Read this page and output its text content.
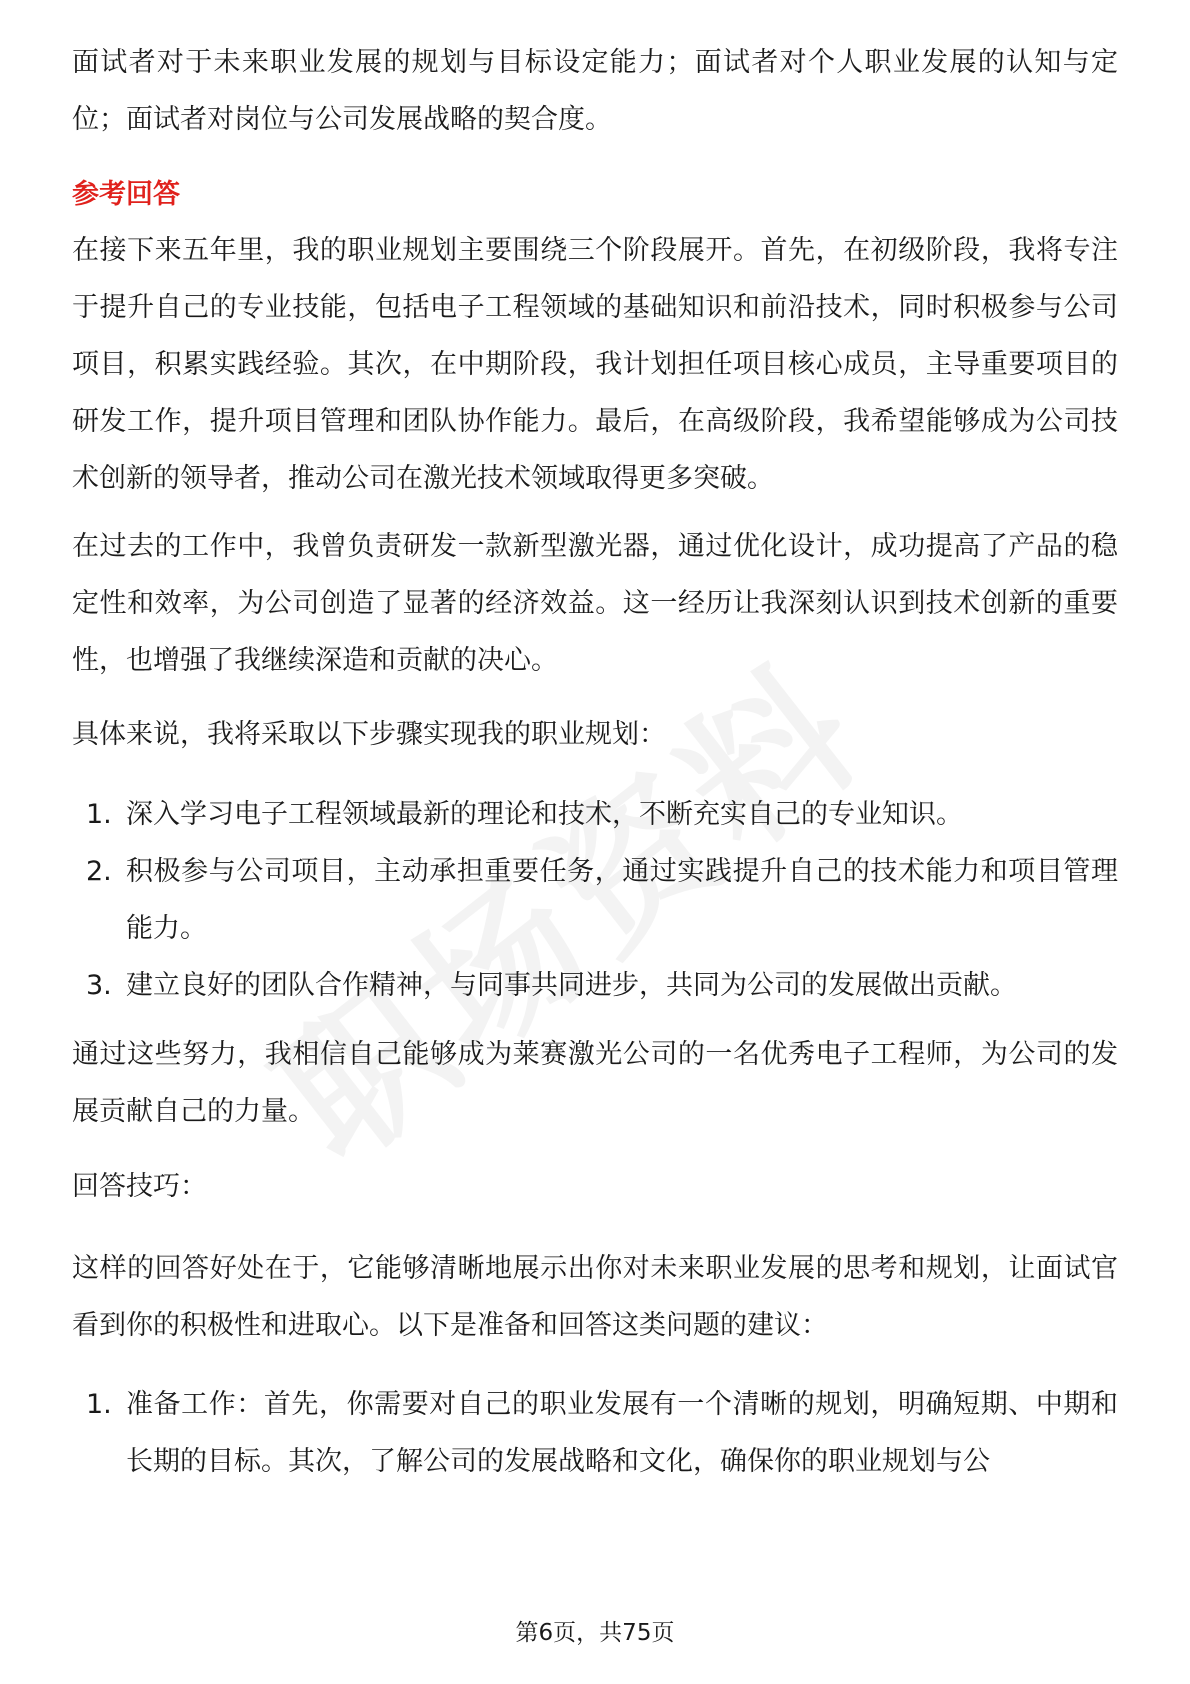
面试者对于未来职业发展的规划与目标设定能力；面试者对个人职业发展的认知与定位；面试者对岗位与公司发展战略的契合度。

参考回答

在接下来五年里，我的职业规划主要围绕三个阶段展开。首先，在初级阶段，我将专注于提升自己的专业技能，包括电子工程领域的基础知识和前沿技术，同时积极参与公司项目，积累实践经验。其次，在中期阶段，我计划担任项目核心成员，主导重要项目的研发工作，提升项目管理和团队协作能力。最后，在高级阶段，我希望能够成为公司技术创新的领导者，推动公司在激光技术领域取得更多突破。

在过去的工作中，我曾负责研发一款新型激光器，通过优化设计，成功提高了产品的稳定性和效率，为公司创造了显著的经济效益。这一经历让我深刻认识到技术创新的重要性，也增强了我继续深造和贡献的决心。

具体来说，我将采取以下步骤实现我的职业规划：

1. 深入学习电子工程领域最新的理论和技术，不断充实自己的专业知识。
2. 积极参与公司项目，主动承担重要任务，通过实践提升自己的技术能力和项目管理能力。
3. 建立良好的团队合作精神，与同事共同进步，共同为公司的发展做出贡献。

通过这些努力，我相信自己能够成为莱赛激光公司的一名优秀电子工程师，为公司的发展贡献自己的力量。

回答技巧：

这样的回答好处在于，它能够清晰地展示出你对未来职业发展的思考和规划，让面试官看到你的积极性和进取心。以下是准备和回答这类问题的建议：

1. 准备工作：首先，你需要对自己的职业发展有一个清晰的规划，明确短期、中期和长期的目标。其次，了解公司的发展战略和文化，确保你的职业规划与公
第6页，共75页
